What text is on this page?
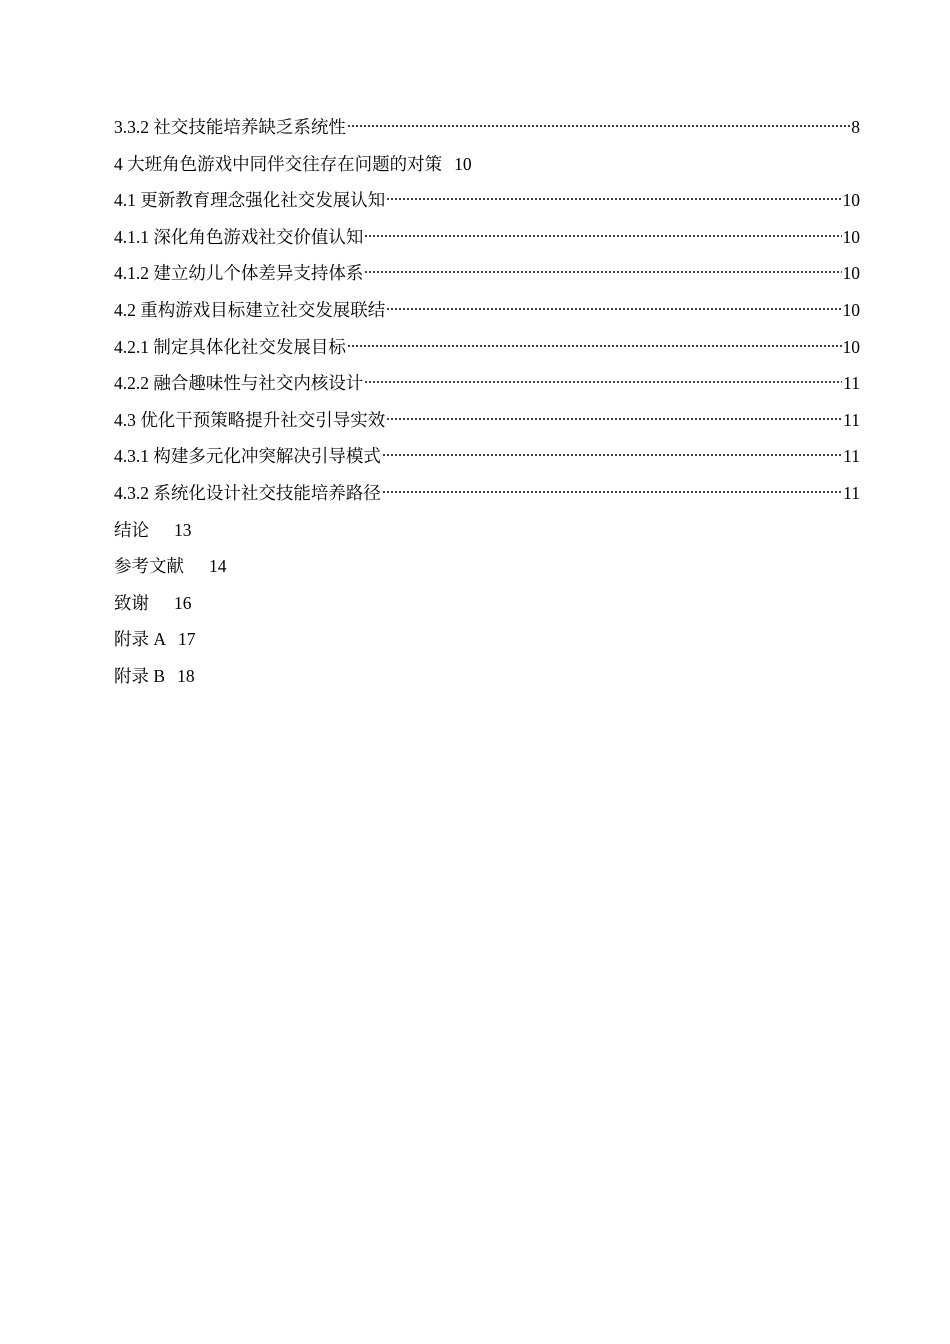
3.3.2 社交技能培养缺乏系统性	8
4 大班角色游戏中同伴交往存在问题的对策 10
4.1 更新教育理念强化社交发展认知	10
4.1.1 深化角色游戏社交价值认知	10
4.1.2 建立幼儿个体差异支持体系	10
4.2 重构游戏目标建立社交发展联结	10
4.2.1 制定具体化社交发展目标	10
4.2.2 融合趣味性与社交内核设计	11
4.3 优化干预策略提升社交引导实效	11
4.3.1 构建多元化冲突解决引导模式	11
4.3.2 系统化设计社交技能培养路径	11
结论 13
参考文献 14
致谢 16
附录 A 17
附录 B 18
